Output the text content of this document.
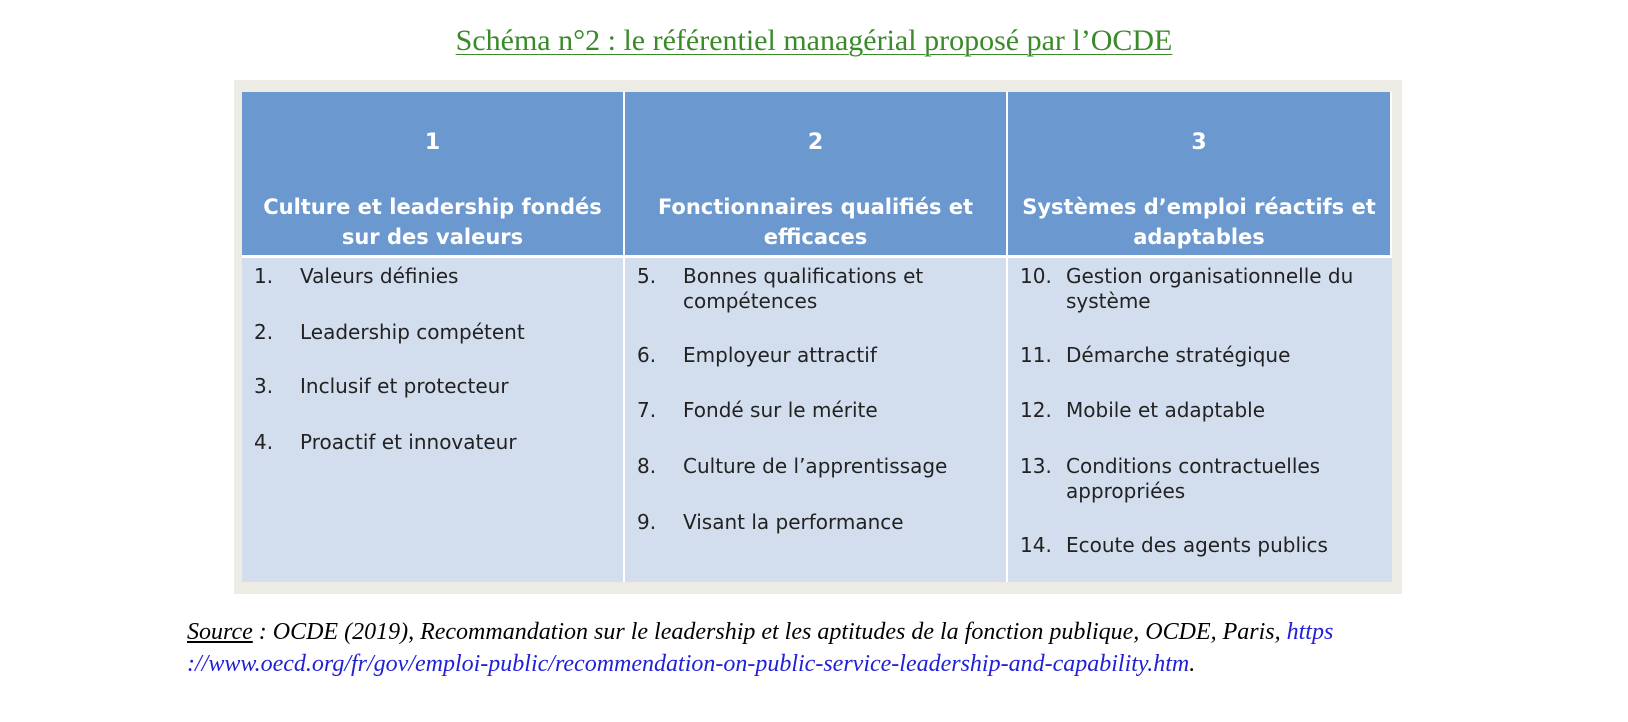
Schéma n°2 : le référentiel managérial proposé par l’OCDE
1
Culture et leadership fondés sur des valeurs
2
Fonctionnaires qualifiés et efficaces
3
Systèmes d’emploi réactifs et adaptables
1. Valeurs définies
2. Leadership compétent
3. Inclusif et protecteur
4. Proactif et innovateur
5. Bonnes qualifications et compétences
6. Employeur attractif
7. Fondé sur le mérite
8. Culture de l’apprentissage
9. Visant la performance
10. Gestion organisationnelle du système
11. Démarche stratégique
12. Mobile et adaptable
13. Conditions contractuelles appropriées
14. Ecoute des agents publics
Source : OCDE (2019), Recommandation sur le leadership et les aptitudes de la fonction publique, OCDE, Paris, https ://www.oecd.org/fr/gov/emploi-public/recommendation-on-public-service-leadership-and-capability.htm.
